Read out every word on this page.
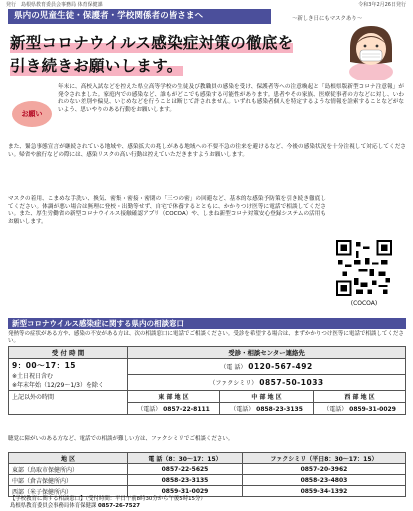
発行　島根県教育委員会事務局 体育保健課	令和3年2月26日発行
県内の児童生徒・保護者・学校関係者の皆さまへ	～新しき日にもマスクあり～
新型コロナウイルス感染症対策の徹底を
引き続きお願いします。
お願い
年末に、高校入試などを控えた県立高等学校の生徒及び教職員の感染を受け、保護者等への注意喚起と「島根県版新型コロナ注意報」が発令されました。家庭内での感染など、誰もがどこでも感染する可能性があります。患者やその家族、医療従事者の方などに対し、いわれのない差別や偏見、いじめなどを行うことは断じて許されません。いずれも感染者個人を特定するような情報を詮索することなどがないよう、思いやりのある行動をお願いします。
また、緊急事態宣言が継続されている地域や、感染拡大の兆しがある地域への不要不急の往来を避けるなど、今後の感染状況を十分注視して対応してください。帰省や旅行などの際には、感染リスクの高い行動は控えていただきますようお願いします。
マスクの着用、こまめな手洗い、換気、密集・密接・密閉の「三つの密」の回避など、基本的な感染予防策を引き続き徹底してください。体調が悪い場合は無理に登校・出勤等せず、自宅で休養するとともに、かかりつけ医等に電話で相談してください。また、厚生労働省の新型コロナウイルス接触確認アプリ（COCOA）や、しまね新型コロナ対策安心登録システムの活用もお願いします。
(COCOA)
新型コロナウイルス感染症に関する県内の相談窓口
発熱等の症状がある方や、感染の不安がある方は、次の相談窓口に電話でご相談ください。受診を希望する場合は、まずかかりつけ医等に電話で相談してください。
受 付 時 間	受診・相談センター連絡先

9：00～17：15
※土日祝日含む
※年末年始（12/29～1/3）を除く
	（電 話） 0120-567-492
（ファクシミリ） 0857-50-1033
上記以外の時間		東 部 地 区	中 部 地 区	西 部 地 区

（電話） 0857-22-8111	（電話） 0858-23-3135	（電話） 0859-31-0029
聴覚に障がいのある方など、電話での相談が難しい方は、ファクシミリでご相談ください。
地 区	電 話（8：30～17：15）	ファクシミリ（平日8：30～17：15）
東部（鳥取市保健所内）	0857-22-5625	0857-20-3962
中部（倉吉保健所内）	0858-23-3135	0858-23-4803
西部（米子保健所内）	0859-31-0029	0859-34-1392
【学校教育に関する相談窓口】（受付時間：平日午前8時30分から午後5時15分）
島根県教育委員会事務局体育保健課 0857-26-7527
